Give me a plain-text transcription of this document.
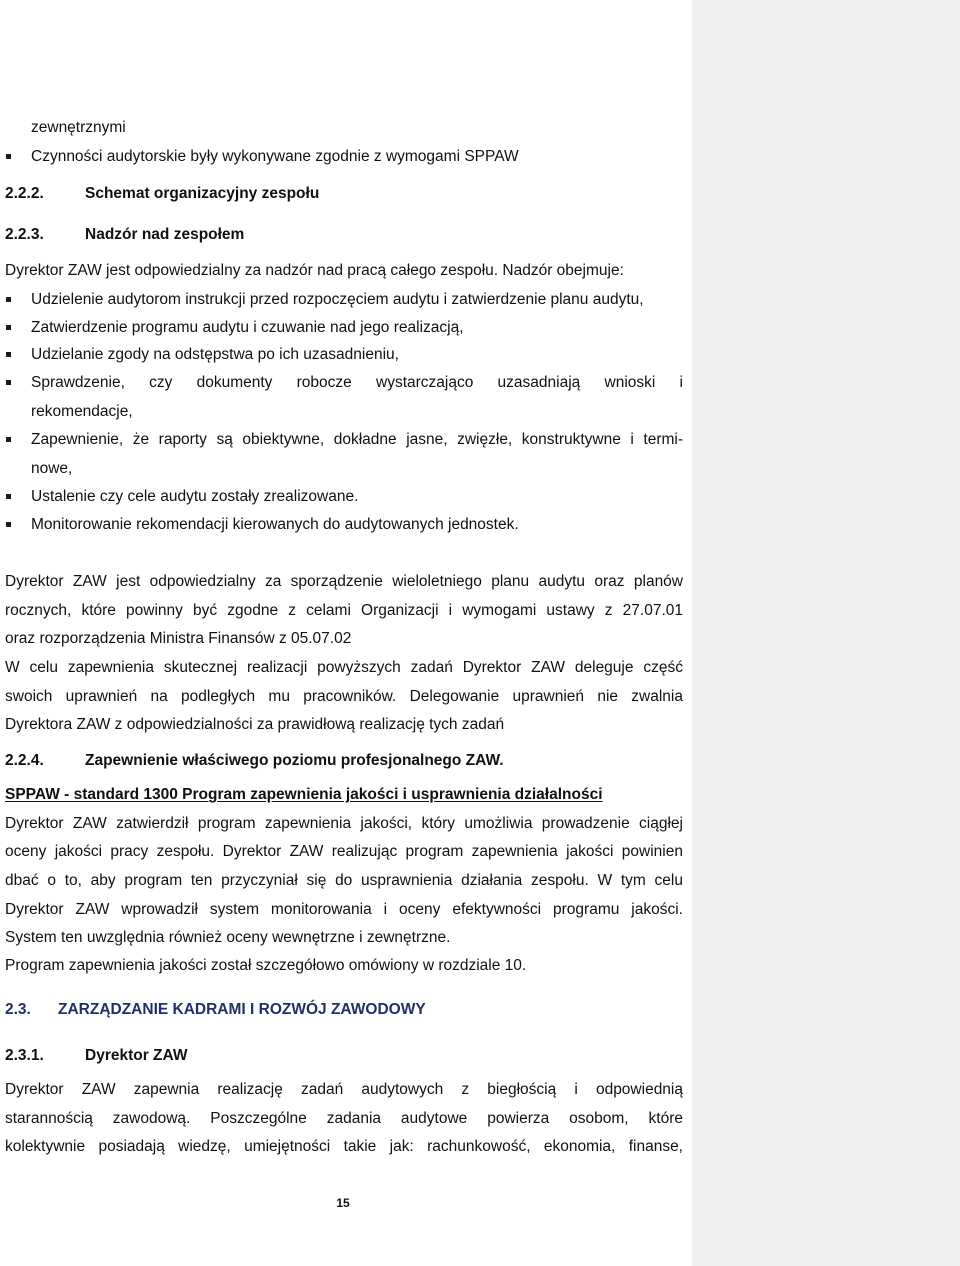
zewnętrznymi
Czynności audytorskie były wykonywane zgodnie z wymogami SPPAW
2.2.2.	Schemat organizacyjny zespołu
2.2.3.	Nadzór nad zespołem
Dyrektor ZAW jest odpowiedzialny za nadzór nad pracą całego zespołu. Nadzór obejmuje:
Udzielenie audytorom instrukcji przed rozpoczęciem audytu i zatwierdzenie planu audytu,
Zatwierdzenie programu audytu i czuwanie nad jego realizacją,
Udzielanie zgody na odstępstwa po ich uzasadnieniu,
Sprawdzenie, czy dokumenty robocze wystarczająco uzasadniają wnioski i
rekomendacje,
Zapewnienie, że raporty są obiektywne, dokładne jasne, zwięzłe, konstruktywne i termi-
nowe,
Ustalenie czy cele audytu zostały zrealizowane.
Monitorowanie rekomendacji kierowanych do audytowanych jednostek.
Dyrektor ZAW jest odpowiedzialny za sporządzenie wieloletniego planu audytu oraz planów
rocznych, które powinny być zgodne z celami Organizacji i wymogami ustawy z 27.07.01
oraz rozporządzenia Ministra Finansów z 05.07.02
W celu zapewnienia skutecznej realizacji powyższych zadań Dyrektor ZAW deleguje część
swoich uprawnień na podległych mu pracowników. Delegowanie uprawnień nie zwalnia
Dyrektora ZAW z odpowiedzialności za prawidłową realizację tych zadań
2.2.4.	Zapewnienie właściwego poziomu profesjonalnego ZAW.
SPPAW - standard 1300 Program zapewnienia jakości i usprawnienia działalności
Dyrektor ZAW zatwierdził program zapewnienia jakości, który umożliwia prowadzenie ciągłej
oceny jakości pracy zespołu. Dyrektor ZAW realizując program zapewnienia jakości powinien
dbać o to, aby program ten przyczyniał się do usprawnienia działania zespołu. W tym celu
Dyrektor ZAW wprowadził system monitorowania i oceny efektywności programu jakości.
System ten uwzględnia również oceny wewnętrzne i zewnętrzne.
Program zapewnienia jakości został szczegółowo omówiony w rozdziale 10.
2.3. ZARZĄDZANIE KADRAMI I ROZWÓJ ZAWODOWY
2.3.1.	Dyrektor ZAW
Dyrektor ZAW zapewnia realizację zadań audytowych z biegłością i odpowiednią
starannością zawodową. Poszczególne zadania audytowe powierza osobom, które
kolektywnie posiadają wiedzę, umiejętności takie jak: rachunkowość, ekonomia, finanse,
15
